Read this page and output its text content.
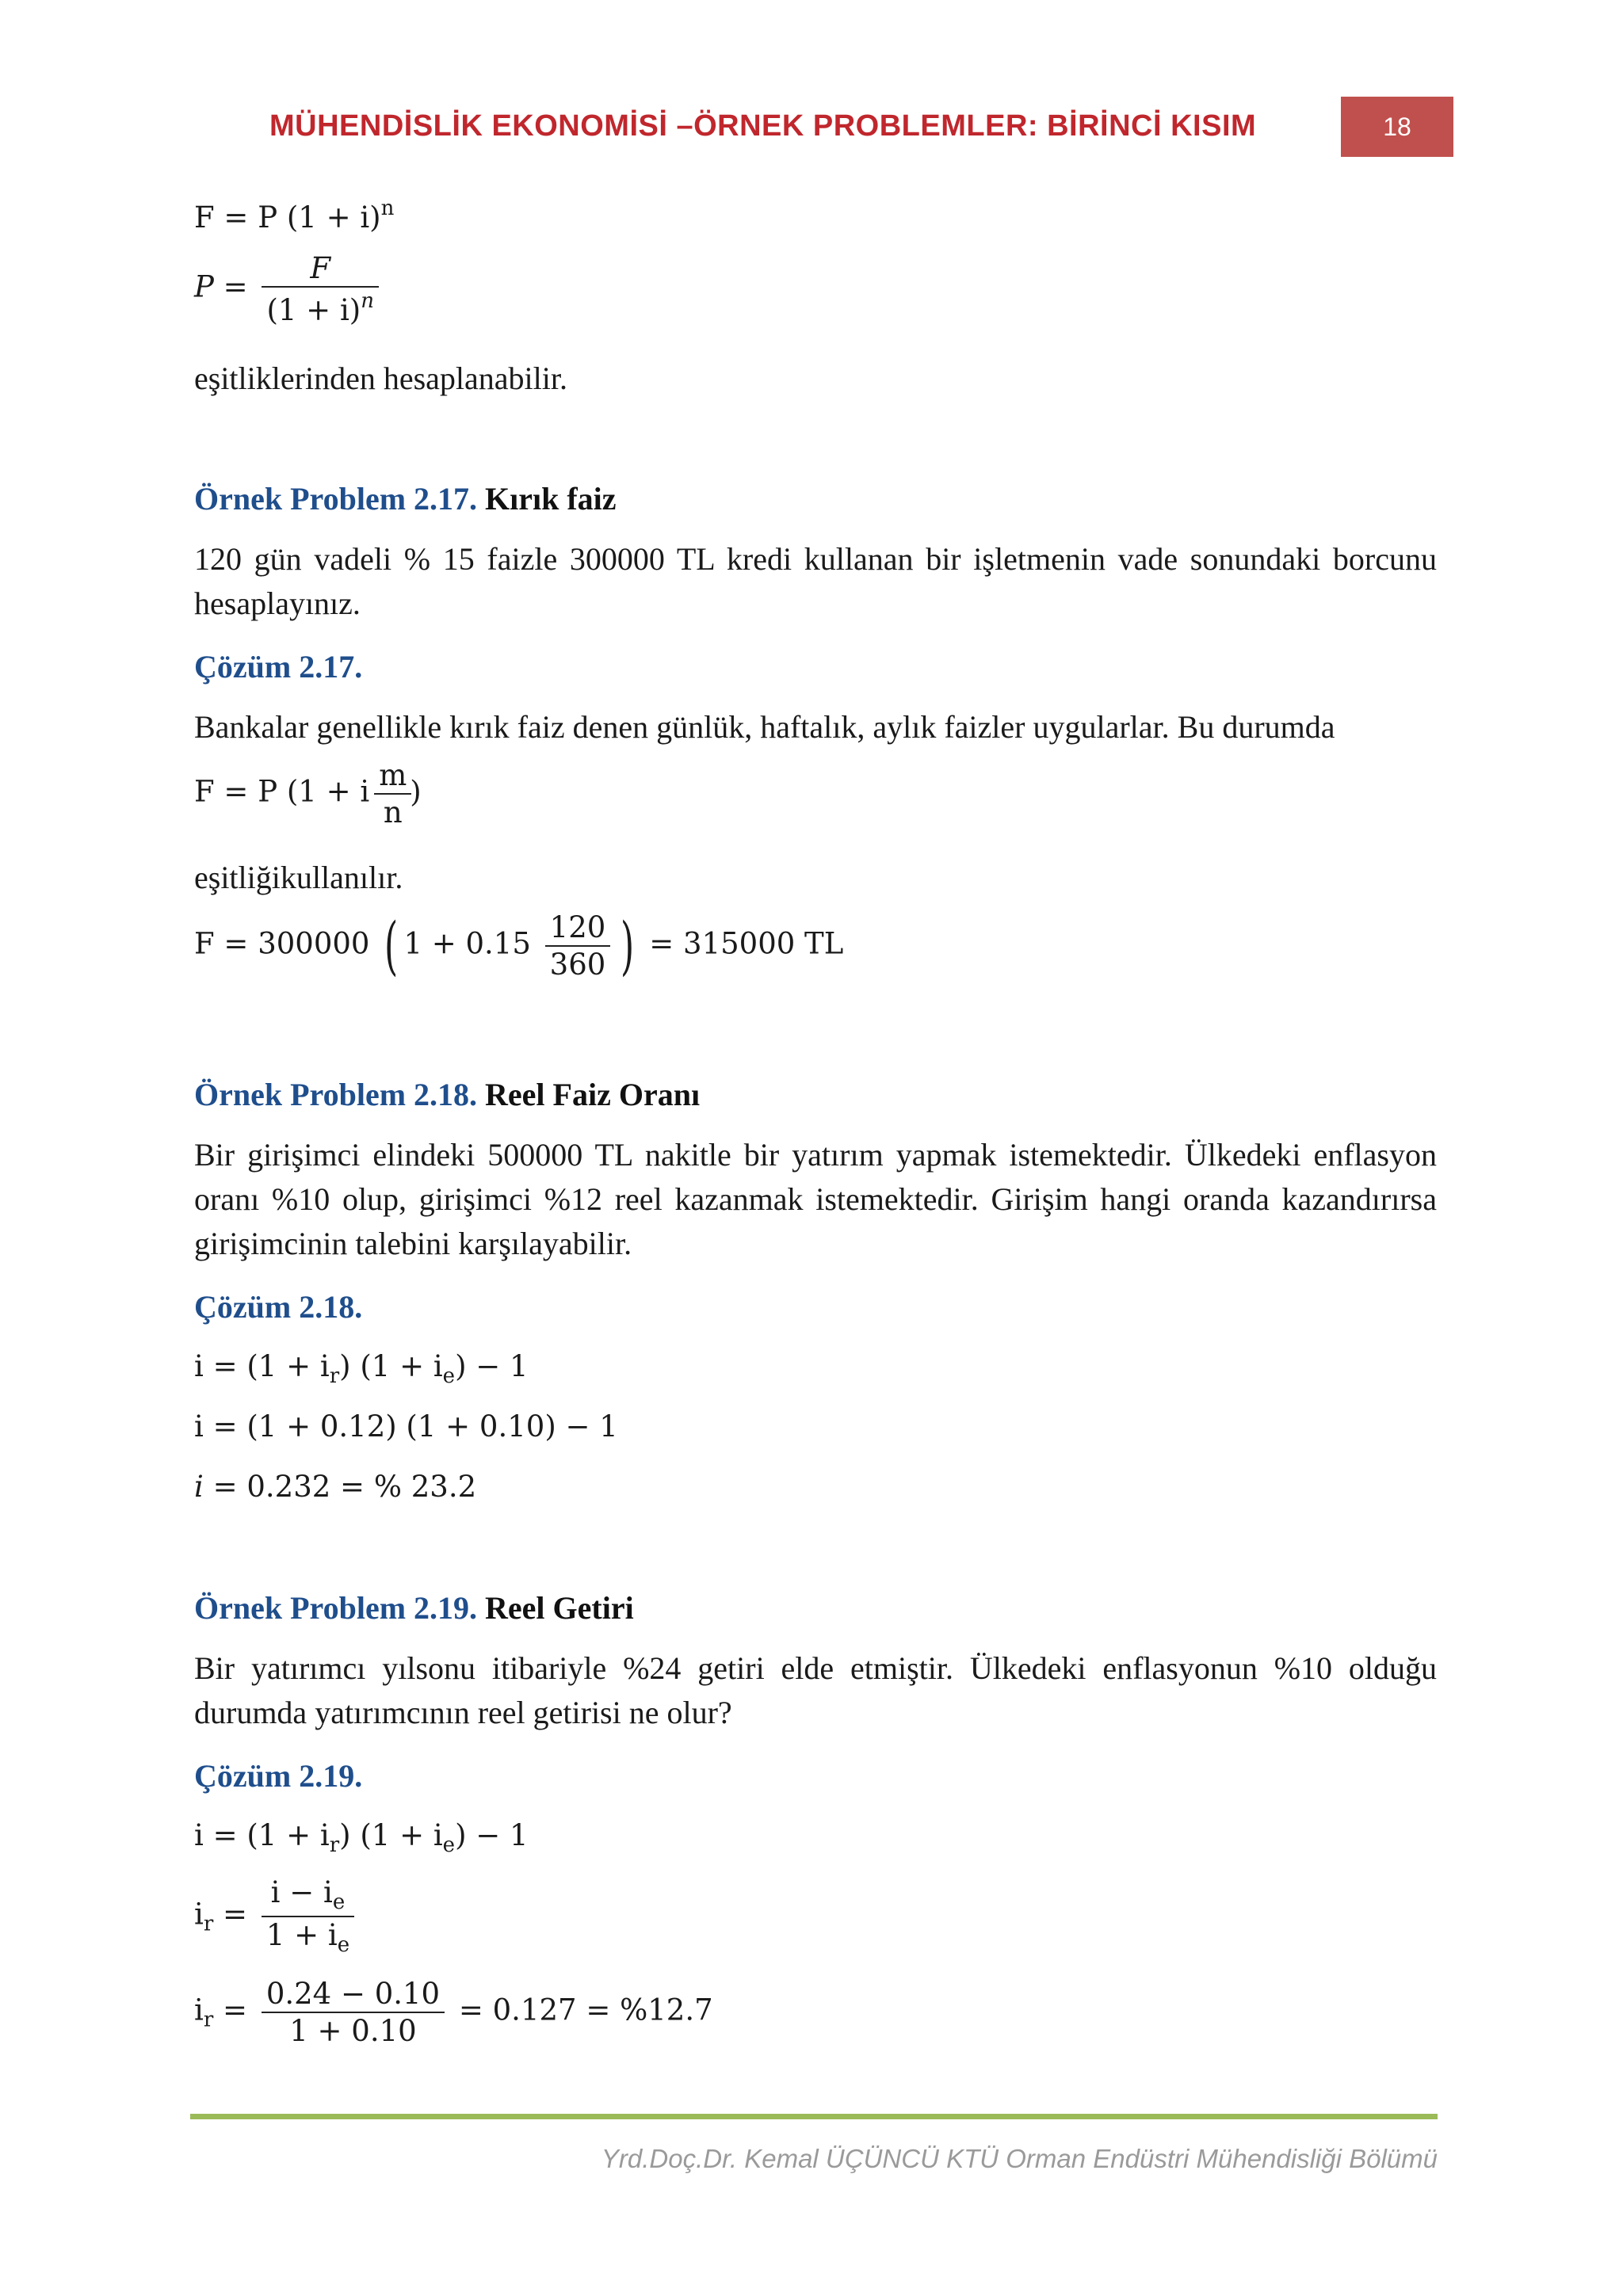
MÜHENDİSLİK EKONOMİSİ –ÖRNEK PROBLEMLER: BİRİNCİ KISIM	18
F = P $(1 + i)^n$
$P = \frac{F}{(1 + i)^n}$
eşitliklerinden hesaplanabilir.
Örnek Problem 2.17. Kırık faiz
120 gün vadeli % 15 faizle 300000 TL kredi kullanan bir işletmenin vade sonundaki borcunu hesaplayınız.
Çözüm 2.17.
Bankalar genellikle kırık faiz denen günlük, haftalık, aylık faizler uygularlar. Bu durumda
F = P (1 + i $\frac{m}{n}$
)
eşitliğikullanılır.
F = 300000 ( $1 + 0.15 \frac{120}{360}$ ) = 315000 TL
Örnek Problem 2.18. Reel Faiz Oranı
Bir girişimci elindeki 500000 TL nakitle bir yatırım yapmak istemektedir. Ülkedeki enflasyon oranı %10 olup, girişimci %12 reel kazanmak istemektedir. Girişim hangi oranda kazandırırsa girişimcinin talebini karşılayabilir.
Çözüm 2.18.
$i = (1 + i_r)$ $(1 + i_e) - 1$
i = (1 + 0.12) (1 + 0.10) − 1
i = 0.232 = % 23.2
Örnek Problem 2.19. Reel Getiri
Bir yatırımcı yılsonu itibariyle %24 getiri elde etmiştir. Ülkedeki enflasyonun %10 olduğu durumda yatırımcının reel getirisi ne olur?
Çözüm 2.19.
$i = (1 + i_r)$ $(1 + i_e) - 1$
$i_r = \frac{i - i_e}{1 + i_e}$
$i_r = \frac{0.24 - 0.10}{1 + 0.10} = 0.127 = \%12.7$
Yrd.Doç.Dr. Kemal ÜÇÜNCÜ KTÜ Orman Endüstri Mühendisliği Bölümü
